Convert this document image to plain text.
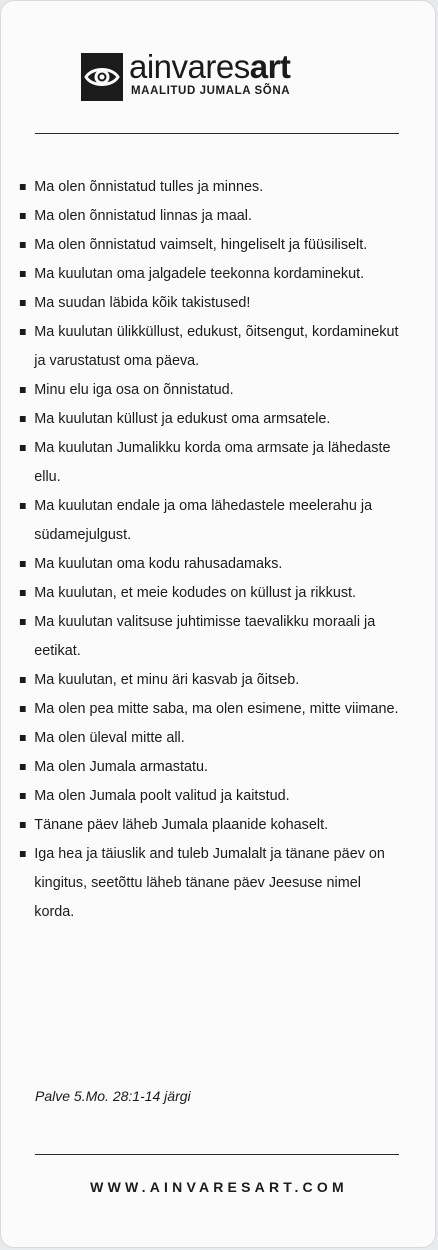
ainvaresart
MAALITUD JUMALA SÕNA
Ma olen õnnistatud tulles ja minnes.
Ma olen õnnistatud linnas ja maal.
Ma olen õnnistatud vaimselt, hingeliselt ja füüsiliselt.
Ma kuulutan oma jalgadele teekonna kordaminekut.
Ma suudan läbida kõik takistused!
Ma kuulutan ülikküllust, edukust, õitsengut, kordaminekut ja varustatust oma päeva.
Minu elu iga osa on õnnistatud.
Ma kuulutan küllust ja edukust oma armsatele.
Ma kuulutan Jumalikku korda oma armsate ja lähedaste ellu.
Ma kuulutan endale ja oma lähedastele meelerahu ja südamejulgust.
Ma kuulutan oma kodu rahusadamaks.
Ma kuulutan, et meie kodudes on küllust ja rikkust.
Ma kuulutan valitsuse juhtimisse taevalikku moraali ja eetikat.
Ma kuulutan, et minu äri kasvab ja õitseb.
Ma olen pea mitte saba, ma olen esimene, mitte viimane.
Ma olen üleval mitte all.
Ma olen Jumala armastatu.
Ma olen Jumala poolt valitud ja kaitstud.
Tänane päev läheb Jumala plaanide kohaselt.
Iga hea ja täiuslik and tuleb Jumalalt ja tänane päev on kingitus, seetõttu läheb tänane päev Jeesuse nimel korda.
Palve 5.Mo. 28:1-14 järgi
WWW.AINVARESART.COM
